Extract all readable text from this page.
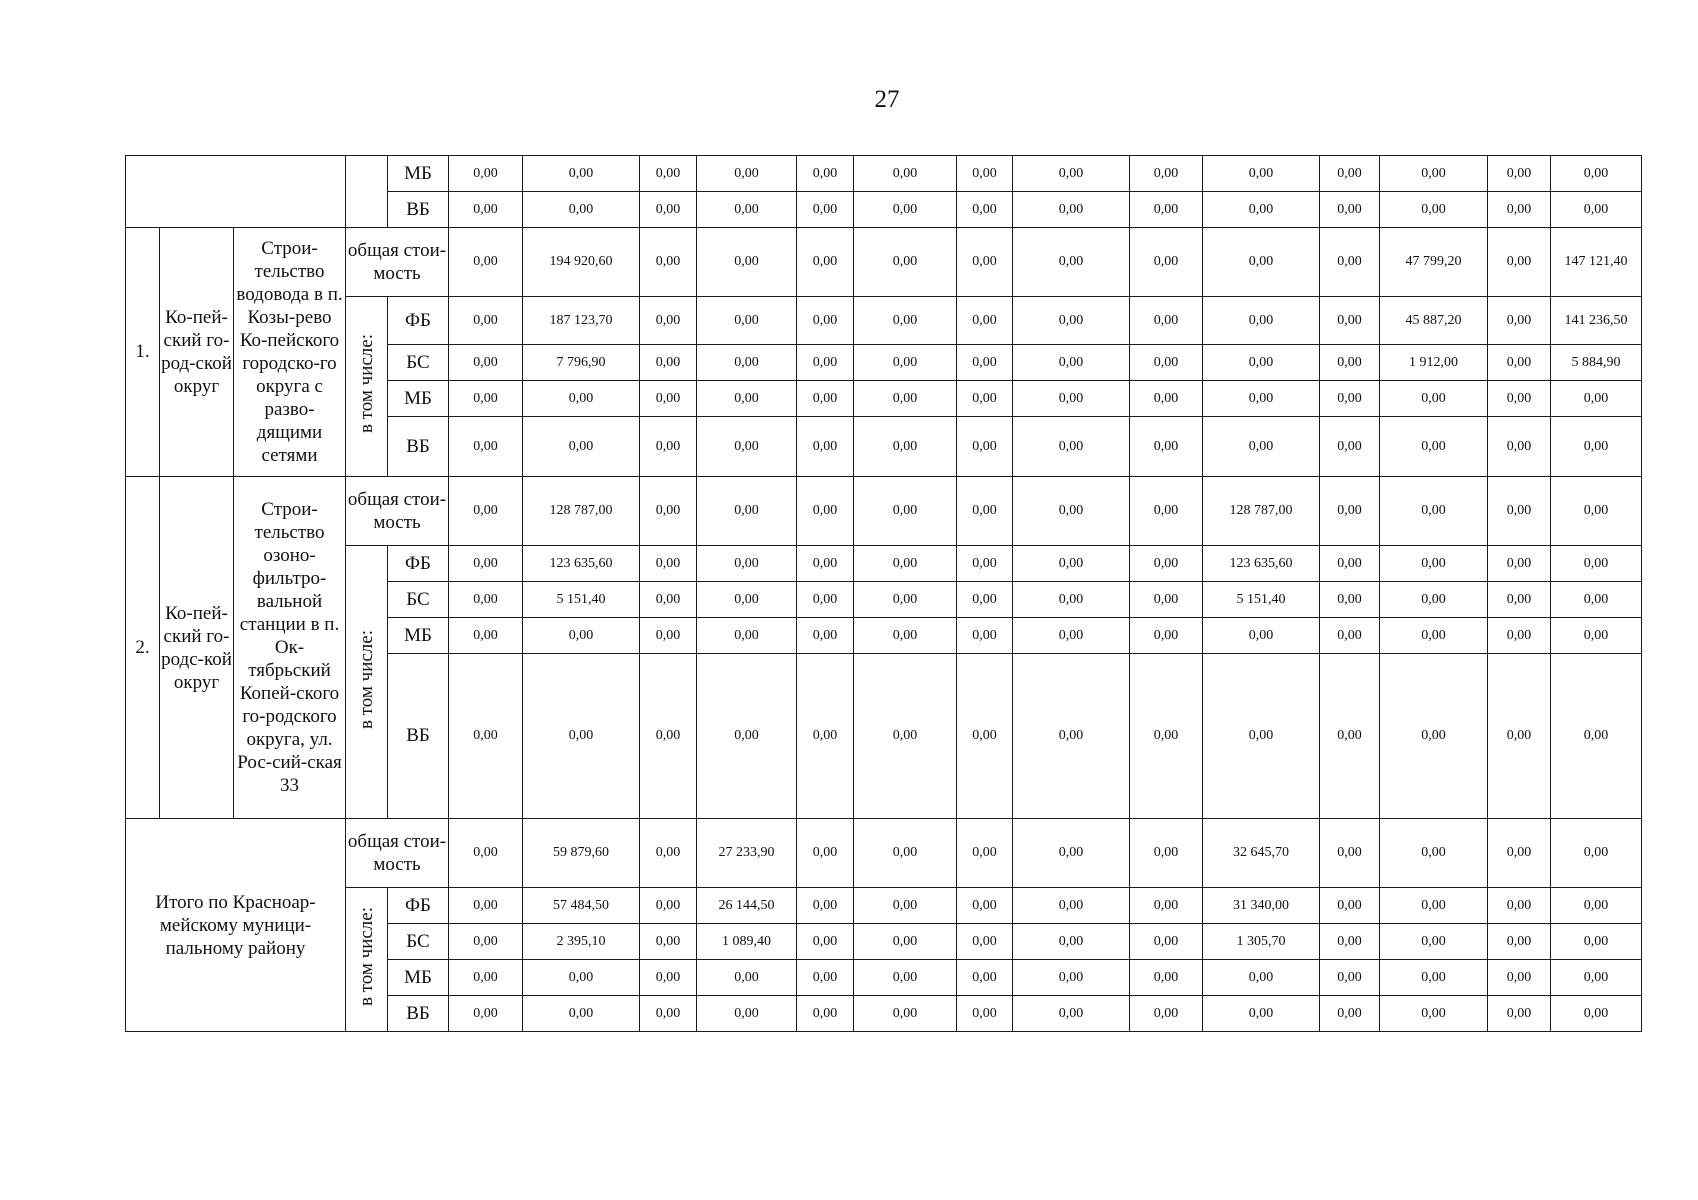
27
				МБ	0,00	0,00	0,00	0,00	0,00	0,00	0,00	0,00	0,00	0,00	0,00	0,00	0,00	0,00
				ВБ	0,00	0,00	0,00	0,00	0,00	0,00	0,00	0,00	0,00	0,00	0,00	0,00	0,00	0,00
1.	Ко-пей-ский го-род-ской округ	Строи-тельство водовода в п. Козы-рево Ко-пейского городско-го округа с разво-дящими сетями	общая стои-мость		0,00	194 920,60	0,00	0,00	0,00	0,00	0,00	0,00	0,00	0,00	0,00	47 799,20	0,00	147 121,40
			в том числе:	ФБ	0,00	187 123,70	0,00	0,00	0,00	0,00	0,00	0,00	0,00	0,00	0,00	45 887,20	0,00	141 236,50
				БС	0,00	7 796,90	0,00	0,00	0,00	0,00	0,00	0,00	0,00	0,00	0,00	1 912,00	0,00	5 884,90
				МБ	0,00	0,00	0,00	0,00	0,00	0,00	0,00	0,00	0,00	0,00	0,00	0,00	0,00	0,00
				ВБ	0,00	0,00	0,00	0,00	0,00	0,00	0,00	0,00	0,00	0,00	0,00	0,00	0,00	0,00
2.	Ко-пей-ский го-родс-кой округ	Строи-тельство озоно-фильтро-вальной станции в п. Ок-тябрьский Копей-ского го-родского округа, ул. Рос-сий-ская 33	общая стои-мость		0,00	128 787,00	0,00	0,00	0,00	0,00	0,00	0,00	0,00	128 787,00	0,00	0,00	0,00	0,00
			в том числе:	ФБ	0,00	123 635,60	0,00	0,00	0,00	0,00	0,00	0,00	0,00	123 635,60	0,00	0,00	0,00	0,00
				БС	0,00	5 151,40	0,00	0,00	0,00	0,00	0,00	0,00	0,00	5 151,40	0,00	0,00	0,00	0,00
				МБ	0,00	0,00	0,00	0,00	0,00	0,00	0,00	0,00	0,00	0,00	0,00	0,00	0,00	0,00
				ВБ	0,00	0,00	0,00	0,00	0,00	0,00	0,00	0,00	0,00	0,00	0,00	0,00	0,00	0,00
Итого по Красноар-мейскому муници-пальному району			общая стои-мость		0,00	59 879,60	0,00	27 233,90	0,00	0,00	0,00	0,00	0,00	32 645,70	0,00	0,00	0,00	0,00
			в том числе:	ФБ	0,00	57 484,50	0,00	26 144,50	0,00	0,00	0,00	0,00	0,00	31 340,00	0,00	0,00	0,00	0,00
				БС	0,00	2 395,10	0,00	1 089,40	0,00	0,00	0,00	0,00	0,00	1 305,70	0,00	0,00	0,00	0,00
				МБ	0,00	0,00	0,00	0,00	0,00	0,00	0,00	0,00	0,00	0,00	0,00	0,00	0,00	0,00
				ВБ	0,00	0,00	0,00	0,00	0,00	0,00	0,00	0,00	0,00	0,00	0,00	0,00	0,00	0,00
